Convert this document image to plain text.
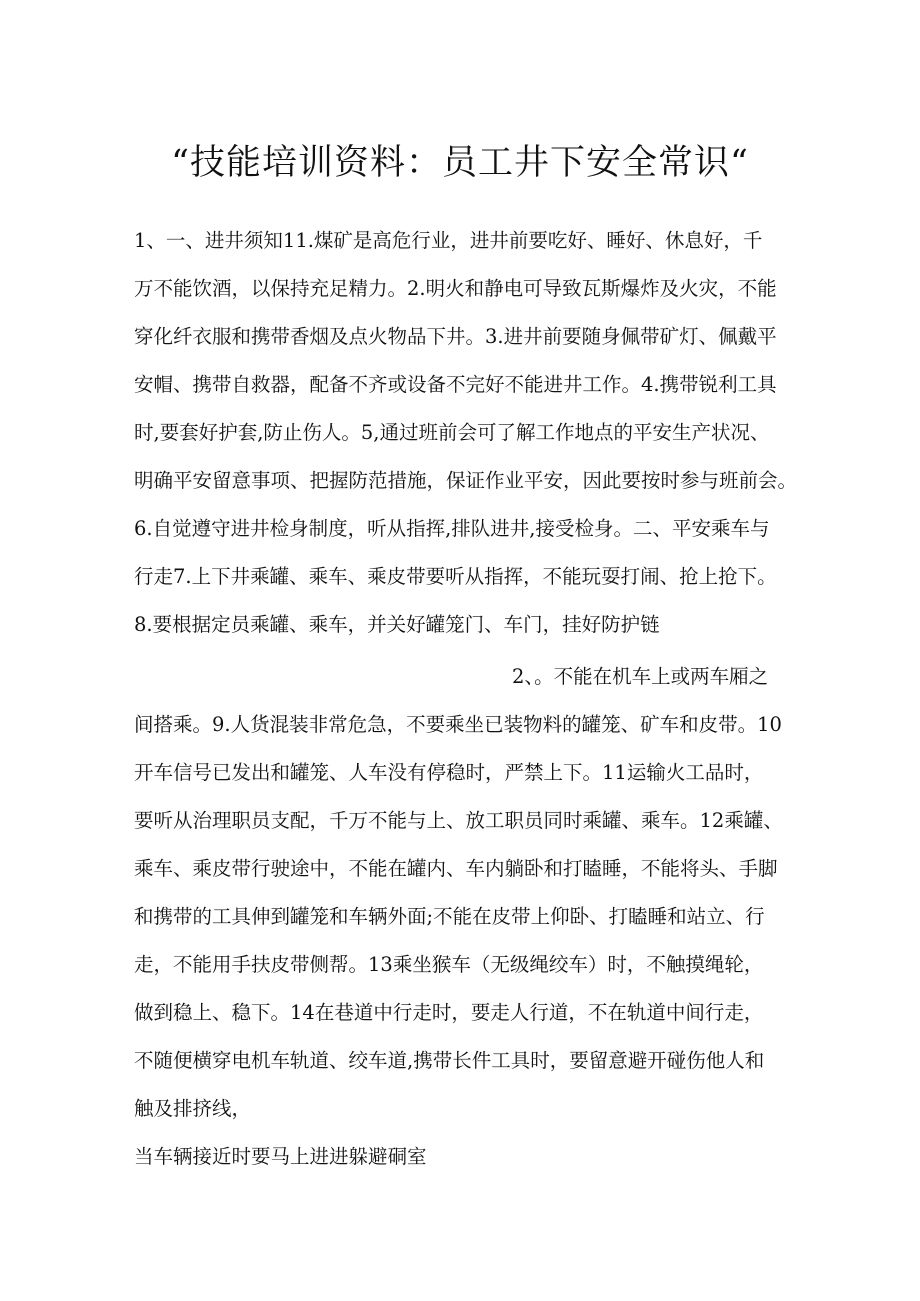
“技能培训资料：员工井下安全常识“
1、一、进井须知11.煤矿是高危行业，进井前要吃好、睡好、休息好，千
万不能饮酒，以保持充足精力。2.明火和静电可导致瓦斯爆炸及火灾，不能
穿化纤衣服和携带香烟及点火物品下井。3.进井前要随身佩带矿灯、佩戴平
安帽、携带自救器，配备不齐或设备不完好不能进井工作。4.携带锐利工具
时,要套好护套,防止伤人。5,通过班前会可了解工作地点的平安生产状况、
明确平安留意事项、把握防范措施，保证作业平安，因此要按时参与班前会。
6.自觉遵守进井检身制度，听从指挥,排队进井,接受检身。二、平安乘车与
行走7.上下井乘罐、乘车、乘皮带要听从指挥，不能玩耍打闹、抢上抢下。
8.要根据定员乘罐、乘车，并关好罐笼门、车门，挂好防护链
2、。不能在机车上或两车厢之
间搭乘。9.人货混装非常危急，不要乘坐已装物料的罐笼、矿车和皮带。10
开车信号已发出和罐笼、人车没有停稳时，严禁上下。11运输火工品时，
要听从治理职员支配，千万不能与上、放工职员同时乘罐、乘车。12乘罐、
乘车、乘皮带行驶途中，不能在罐内、车内躺卧和打瞌睡，不能将头、手脚
和携带的工具伸到罐笼和车辆外面;不能在皮带上仰卧、打瞌睡和站立、行
走，不能用手扶皮带侧帮。13乘坐猴车（无级绳绞车）时，不触摸绳轮，
做到稳上、稳下。14在巷道中行走时，要走人行道，不在轨道中间行走，
不随便横穿电机车轨道、绞车道,携带长件工具时，要留意避开碰伤他人和
触及排挤线，
当车辆接近时要马上进进躲避硐室
